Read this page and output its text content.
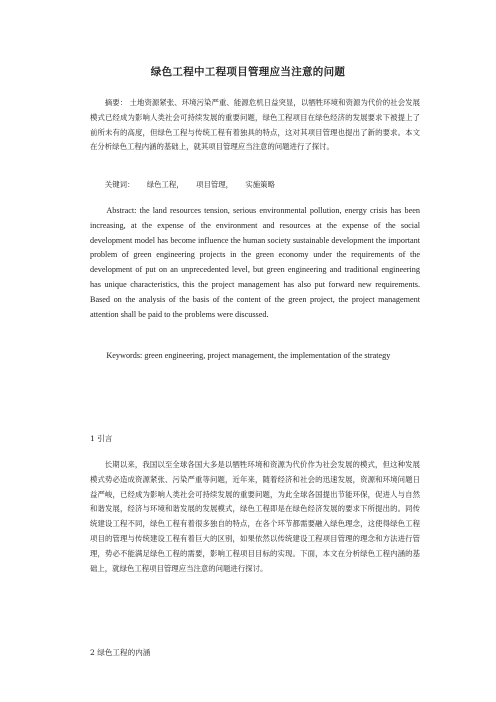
绿色工程中工程项目管理应当注意的问题
摘要： 土地资源紧张、环境污染严重、能源危机日益突显，以牺牲环境和资源为代价的社会发展模式已经成为影响人类社会可持续发展的重要问题，绿色工程项目在绿色经济的发展要求下被提上了前所未有的高度，但绿色工程与传统工程有着独具的特点，这对其项目管理也提出了新的要求。本文在分析绿色工程内涵的基础上，就其项目管理应当注意的问题进行了探讨。
关键词： 绿色工程， 项目管理， 实施策略
Abstract: the land resources tension, serious environmental pollution, energy crisis has been increasing, at the expense of the environment and resources at the expense of the social development model has become influence the human society sustainable development the important problem of green engineering projects in the green economy under the requirements of the development of put on an unprecedented level, but green engineering and traditional engineering has unique characteristics, this the project management has also put forward new requirements. Based on the analysis of the basis of the content of the green project, the project management attention shall be paid to the problems were discussed.
Keywords: green engineering, project management, the implementation of the strategy
1 引言
长期以来，我国以至全球各国大多是以牺牲环境和资源为代价作为社会发展的模式，但这种发展模式势必造成资源紧张、污染严重等问题，近年来，随着经济和社会的迅速发展，资源和环境问题日益严峻，已经成为影响人类社会可持续发展的重要问题，为此全球各国提出节能环保，促进人与自然和谐发展，经济与环境和谐发展的发展模式，绿色工程即是在绿色经济发展的要求下所提出的。同传统建设工程不同，绿色工程有着很多独自的特点，在各个环节都需要融入绿色理念，这使得绿色工程项目的管理与传统建设工程有着巨大的区别，如果依然以传统建设工程项目管理的理念和方法进行管理，势必不能满足绿色工程的需要，影响工程项目目标的实现。下面，本文在分析绿色工程内涵的基础上，就绿色工程项目管理应当注意的问题进行探讨。
2 绿色工程的内涵
